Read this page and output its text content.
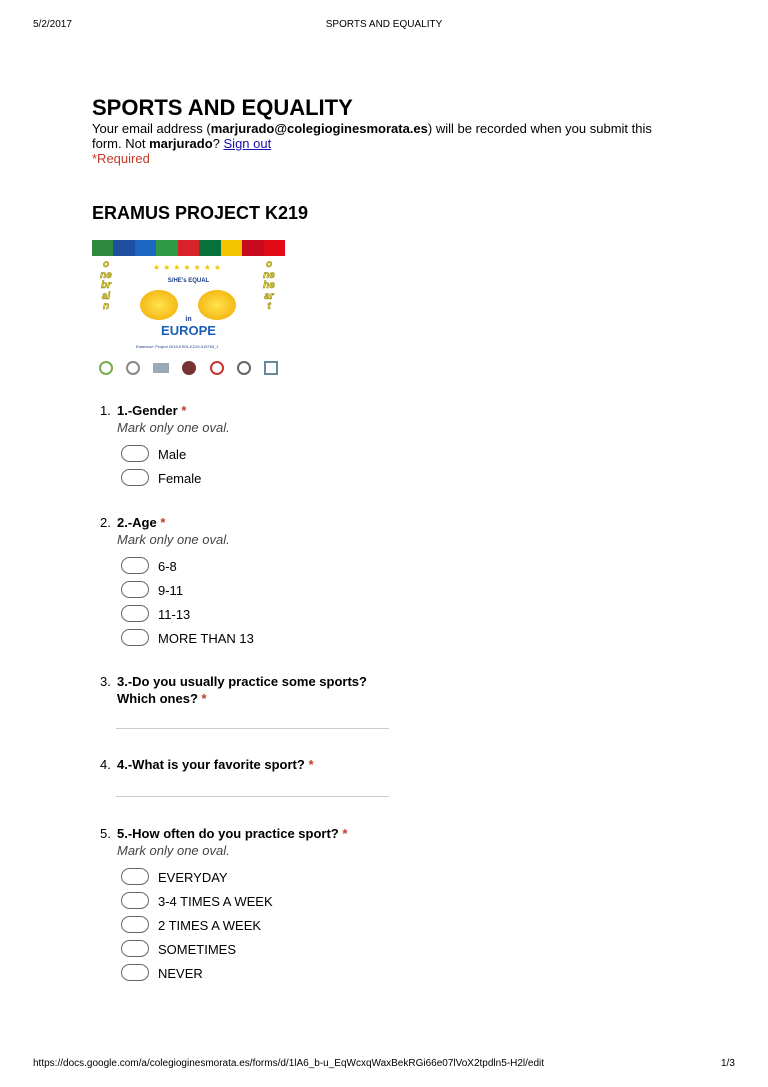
5/2/2017	SPORTS AND EQUALITY
SPORTS AND EQUALITY
Your email address (marjurado@colegioginesmorata.es) will be recorded when you submit this form. Not marjurado? Sign out
*Required
ERAMUS PROJECT K219
one brain
one heart
★★★★★★★
S/HE's EQUAL
in
EUROPE
Erasmus+ Project 2015-ES01-K219-015763_1
1. 1.-Gender *
Mark only one oval.
Male
Female
2. 2.-Age *
Mark only one oval.
6-8
9-11
11-13
MORE THAN 13
3. 3.-Do you usually practice some sports? Which ones? *
4. 4.-What is your favorite sport? *
5. 5.-How often do you practice sport? *
Mark only one oval.
EVERYDAY
3-4 TIMES A WEEK
2 TIMES A WEEK
SOMETIMES
NEVER
https://docs.google.com/a/colegioginesmorata.es/forms/d/1lA6_b-u_EqWcxqWaxBekRGi66e07lVoX2tpdln5-H2l/edit	1/3
